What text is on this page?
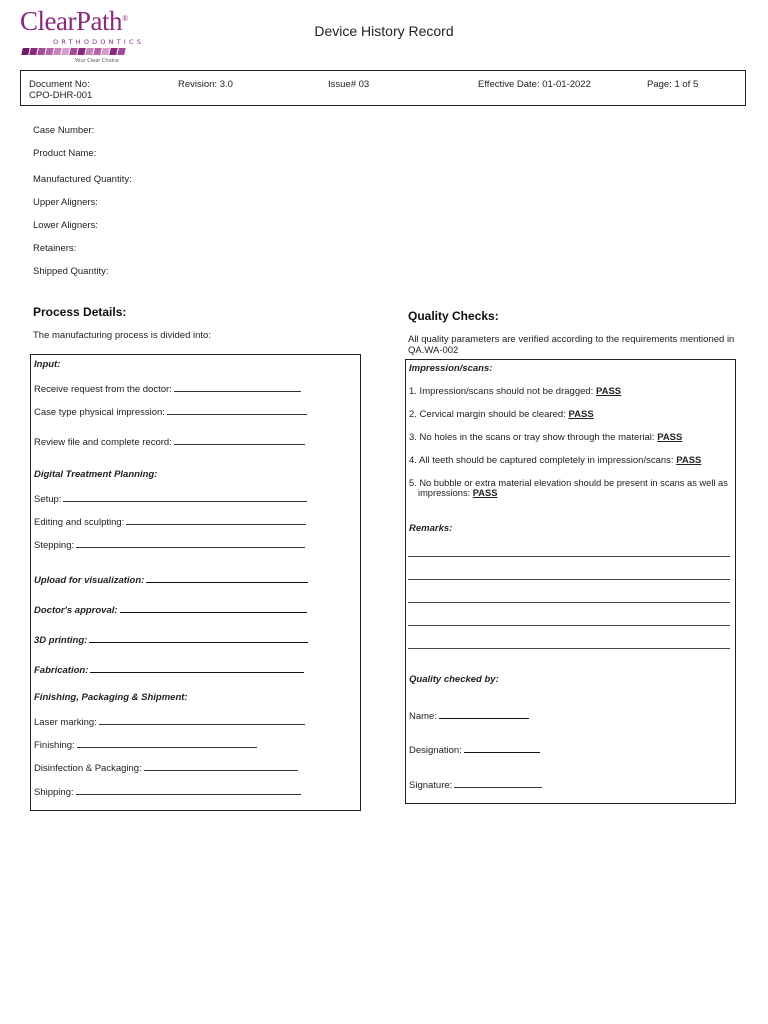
ClearPath®
ORTHODONTICS
Your Clear Choice
Device History Record
Document No:
CPO-DHR-001
Revision: 3.0	Issue# 03	Effective Date: 01-01-2022	Page: 1 of 5
Case Number:
Product Name:
Manufactured Quantity:
Upper Aligners:
Lower Aligners:
Retainers:
Shipped Quantity:
Process Details:
The manufacturing process is divided into:
Input:
Receive request from the doctor:
Case type physical impression:
Review file and complete record:
Digital Treatment Planning:
Setup:
Editing and sculpting:
Stepping:
Upload for visualization:
Doctor's approval:
3D printing:
Fabrication:
Finishing, Packaging & Shipment:
Laser marking:
Finishing:
Disinfection & Packaging:
Shipping:
Quality Checks:
All quality parameters are verified according to the requirements mentioned in QA.WA-002
Impression/scans:
1. Impression/scans should not be dragged: PASS
2. Cervical margin should be cleared: PASS
3. No holes in the scans or tray show through the material: PASS
4. All teeth should be captured completely in impression/scans: PASS
5. No bubble or extra material elevation should be present in scans as well as
impressions: PASS
Remarks:
Quality checked by:
Name:
Designation:
Signature:
